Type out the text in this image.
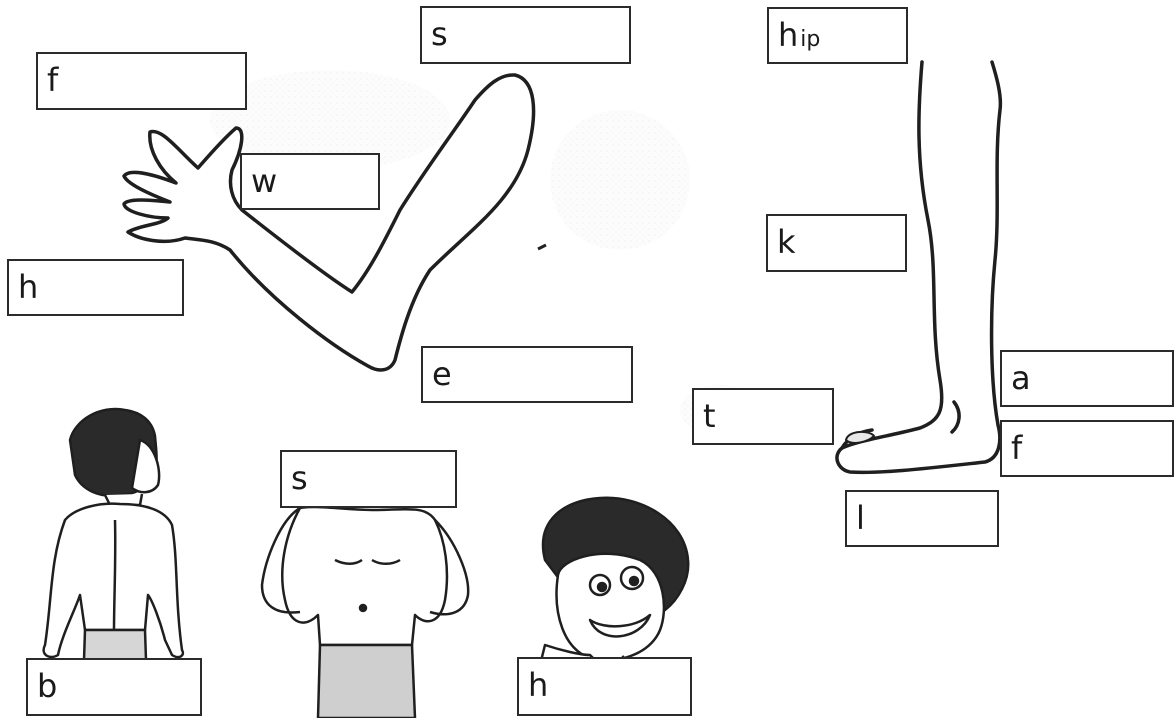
f
s
w
h
e
hip
k
a
t
f
l
b
s
h
